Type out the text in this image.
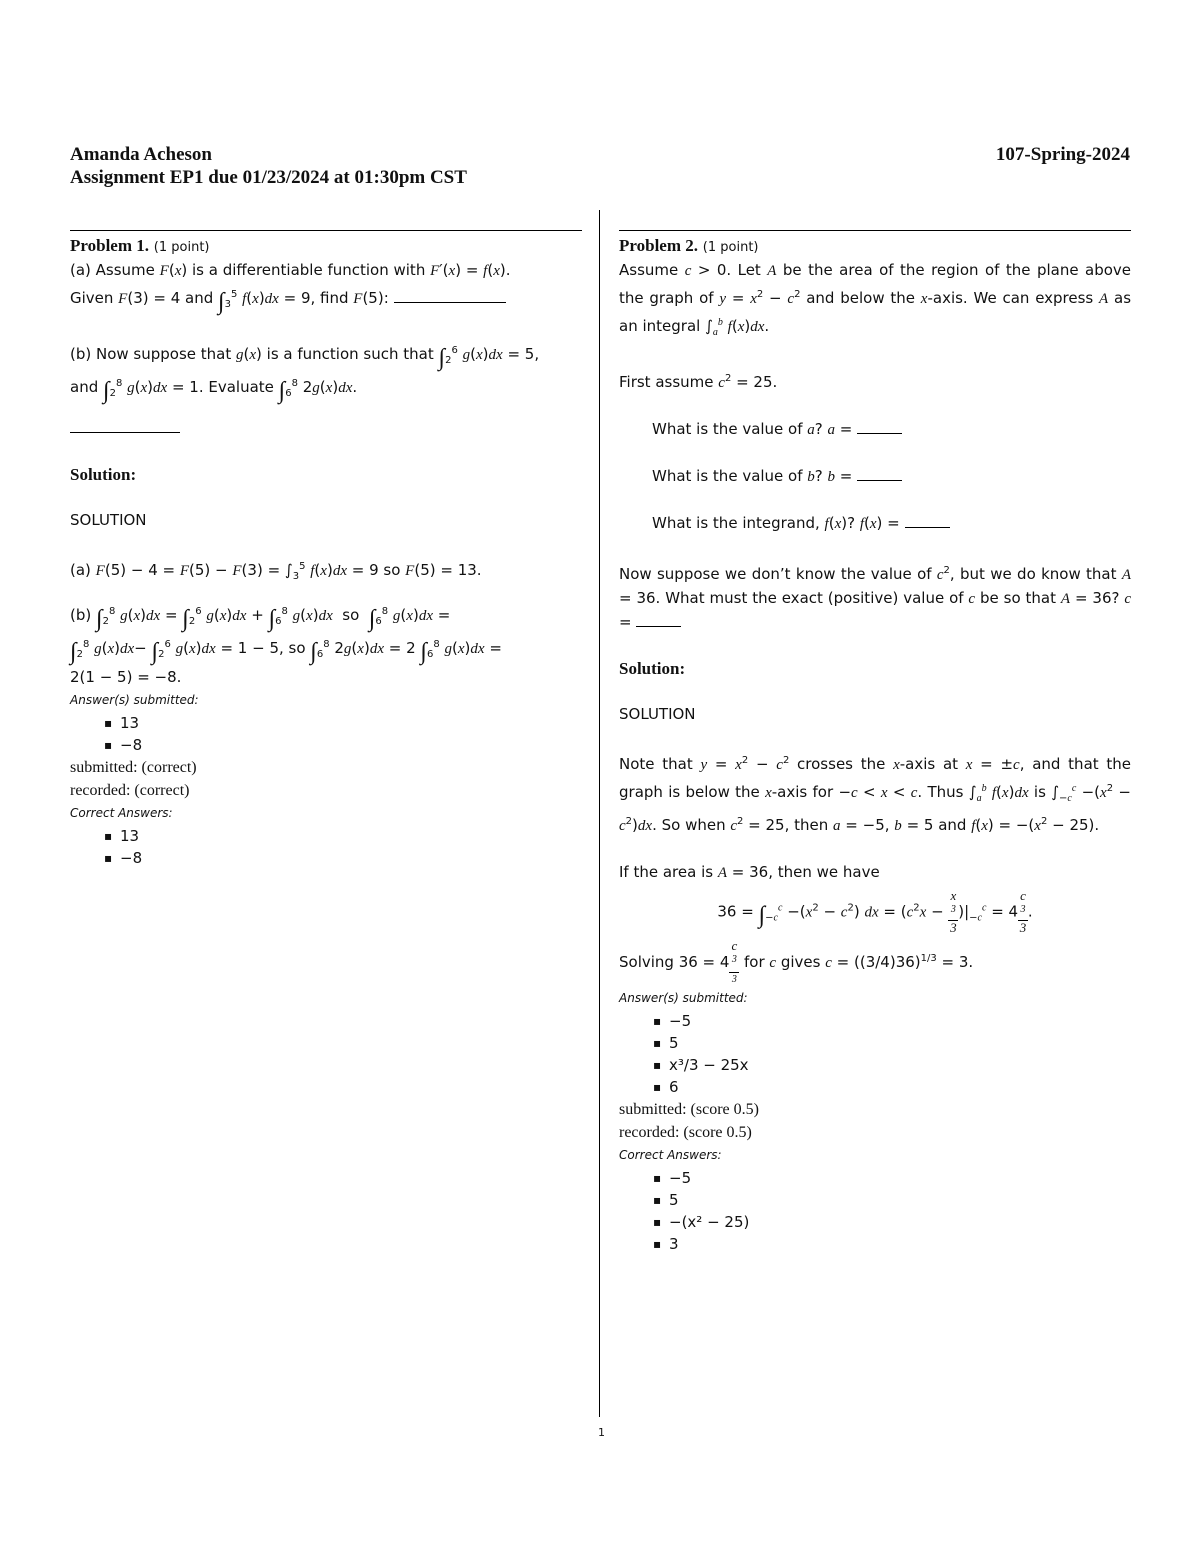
Amanda Acheson	107-Spring-2024
Assignment EP1 due 01/23/2024 at 01:30pm CST

Problem 1. (1 point)

(a) Assume F(x) is a differentiable function with F′(x) = f(x).
Given F(3) = 4 and $\int_3^5$ f(x)dx = 9, find F(5):

(b) Now suppose that g(x) is a function such that $\int_2^6$ g(x)dx = 5,
and $\int_2^8$ g(x)dx = 1. Evaluate $\int_6^8$ 2g(x)dx.

Solution:

SOLUTION

(a) $F(5) - 4 = F(5) - F(3) = \int_3^5$ f(x)dx = 9 so F(5) = 13.

(b) $\int_2^8$ $g(x)dx = \int_2^6$ $g(x)dx + \int_6^8$ g(x)dx  so  $\int_6^8$ g(x)dx =
$\int_2^8$ $g(x)dx- \int_2^6$ g(x)dx = 1 − 5, so $\int_6^8$ 2g(x)dx = 2 $\int_6^8$ g(x)dx =
2(1 − 5) = −8.

Answer(s) submitted:

▪ 13
▪ −8

submitted: (correct)

recorded: (correct)

Correct Answers:

▪ 13
▪ −8

Problem 2. (1 point)

Assume c > 0. Let A be the area of the region of the plane above the graph of $y = x^2 - c^2$ and below the x-axis. We can express A as an integral $\int_a^b$ f(x)dx.

First assume $c^2 = 25$.

What is the value of a? a =

What is the value of b? b =

What is the integrand, f(x)? f(x) =

Now suppose we don’t know the value of $c^2$, but we do know that A = 36. What must the exact (positive) value of c be so that A = 36? c =

Solution:

SOLUTION

Note that $y = x^2 - c^2$ crosses the x-axis at x = ±c, and that the graph is below the x-axis for −c < x < c. Thus $\int_a^b$ f(x)dx is $\int_{-c}^c -(x^2 - c^2)dx$. So when $c^2 = 25$, then a = −5, b = 5 and $f(x) = -(x^2 - 25)$.

If the area is A = 36, then we have

$36 = \int_{-c}^c -(x^2 - c^2)$ dx = ($c^2x - x$
$^3$
3 )$|_{-c}^c = 4$ c
$^3$
3 .

Solving 36 = 4 c
$^3$
3 for c gives $c = ((3/4)36)^{1/3} = 3$.

Answer(s) submitted:

▪ −5
▪ 5
▪ x³/3 − 25x
▪ 6

submitted: (score 0.5)

recorded: (score 0.5)

Correct Answers:

▪ −5
▪ 5
▪ −(x² − 25)
▪ 3
1
